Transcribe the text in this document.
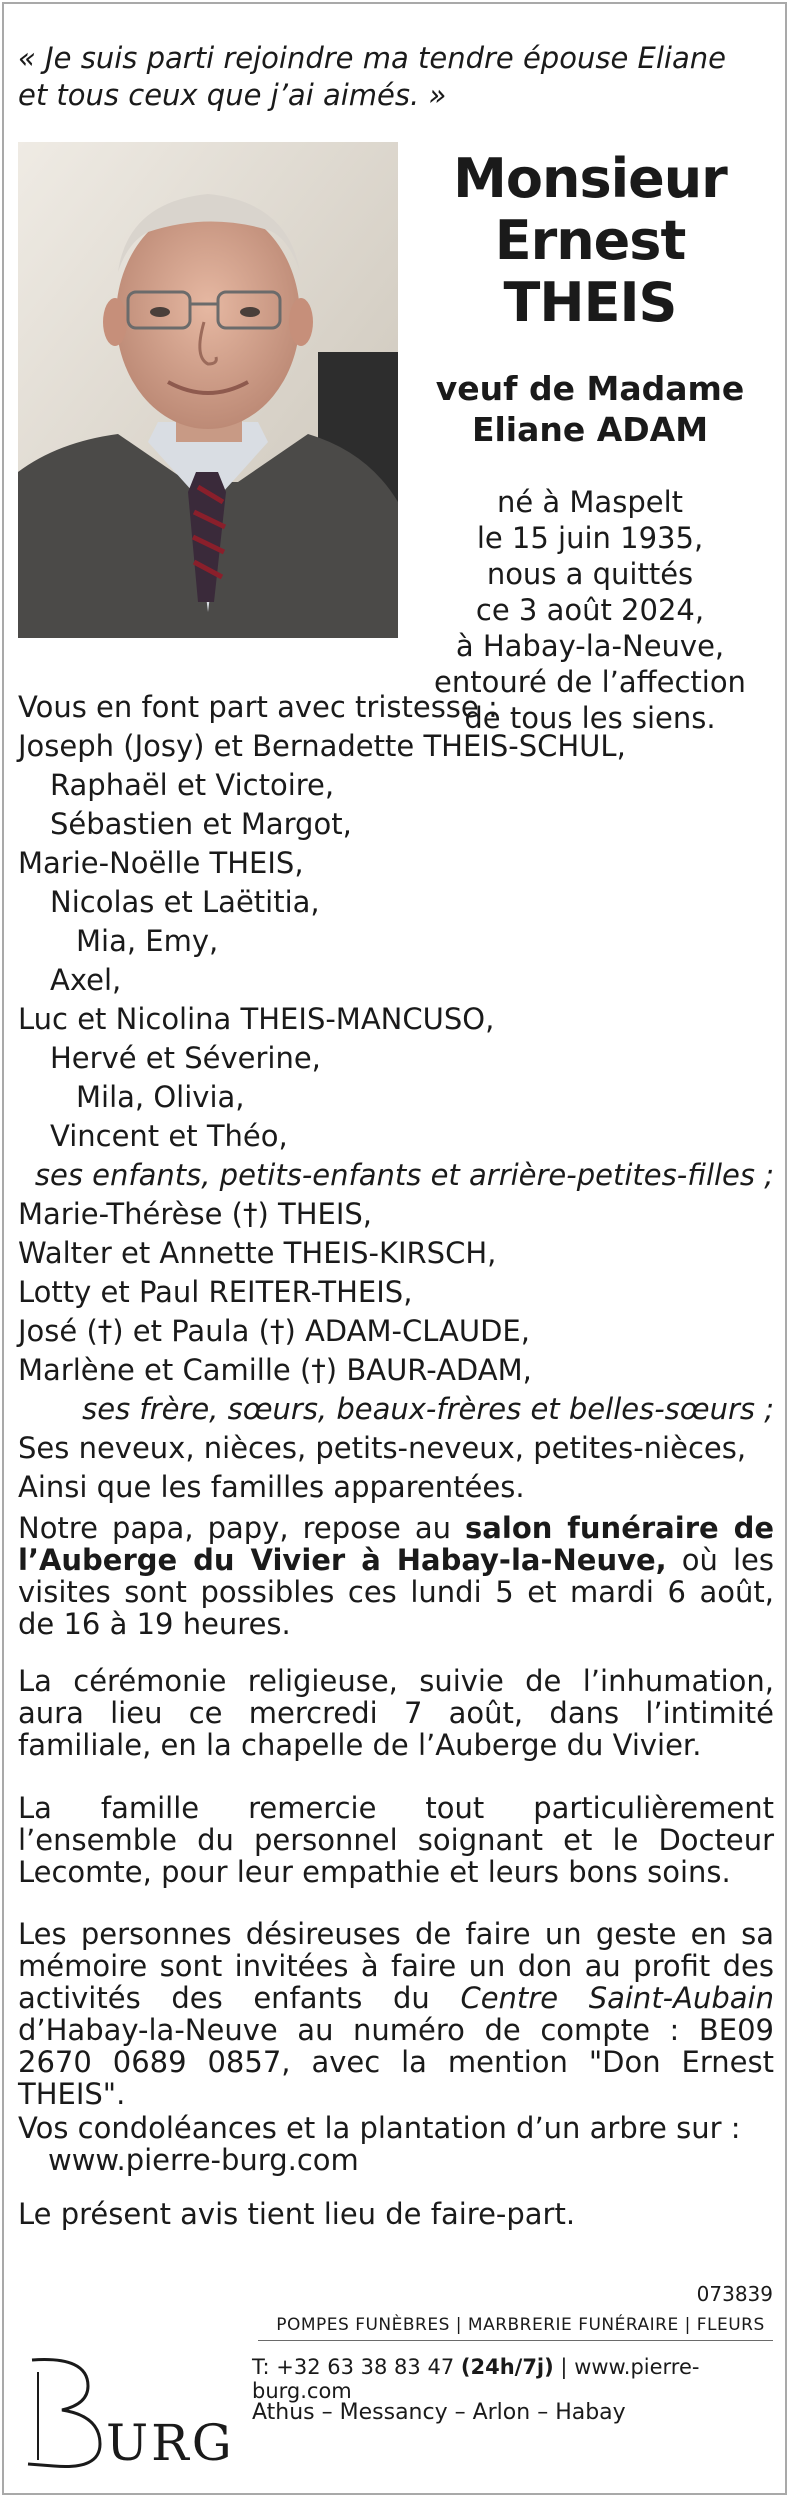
« Je suis parti rejoindre ma tendre épouse Eliane et tous ceux que j’ai aimés. »
Monsieur
Ernest THEIS
veuf de Madame
Eliane ADAM
né à Maspelt
le 15 juin 1935,
nous a quittés
ce 3 août 2024,
à Habay-la-Neuve,
entouré de l’affection
de tous les siens.
Vous en font part avec tristesse :
Joseph (Josy) et Bernadette THEIS-SCHUL,
Raphaël et Victoire,
Sébastien et Margot,
Marie-Noëlle THEIS,
Nicolas et Laëtitia,
Mia, Emy,
Axel,
Luc et Nicolina THEIS-MANCUSO,
Hervé et Séverine,
Mila, Olivia,
Vincent et Théo,
ses enfants, petits-enfants et arrière-petites-filles ;
Marie-Thérèse (†) THEIS,
Walter et Annette THEIS-KIRSCH,
Lotty et Paul REITER-THEIS,
José (†) et Paula (†) ADAM-CLAUDE,
Marlène et Camille (†) BAUR-ADAM,
ses frère, sœurs, beaux-frères et belles-sœurs ;
Ses neveux, nièces, petits-neveux, petites-nièces,
Ainsi que les familles apparentées.
Notre papa, papy, repose au salon funéraire de l’Auberge du Vivier à Habay-la-Neuve, où les visites sont possibles ces lundi 5 et mardi 6 août, de 16 à 19 heures.
La cérémonie religieuse, suivie de l’inhumation, aura lieu ce mercredi 7 août, dans l’intimité familiale, en la chapelle de l’Auberge du Vivier.
La famille remercie tout particulièrement l’ensemble du personnel soignant et le Docteur Lecomte, pour leur empathie et leurs bons soins.
Les personnes désireuses de faire un geste en sa mémoire sont invitées à faire un don au profit des activités des enfants du Centre Saint-Aubain d’Habay-la-Neuve au numéro de compte : BE09 2670 0689 0857, avec la mention "Don Ernest THEIS".
Vos condoléances et la plantation d’un arbre sur :
www.pierre-burg.com
Le présent avis tient lieu de faire-part.
073839
POMPES FUNÈBRES | MARBRERIE FUNÉRAIRE | FLEURS
URG
T: +32 63 38 83 47 (24h/7j) | www.pierre-burg.com
Athus – Messancy – Arlon – Habay
